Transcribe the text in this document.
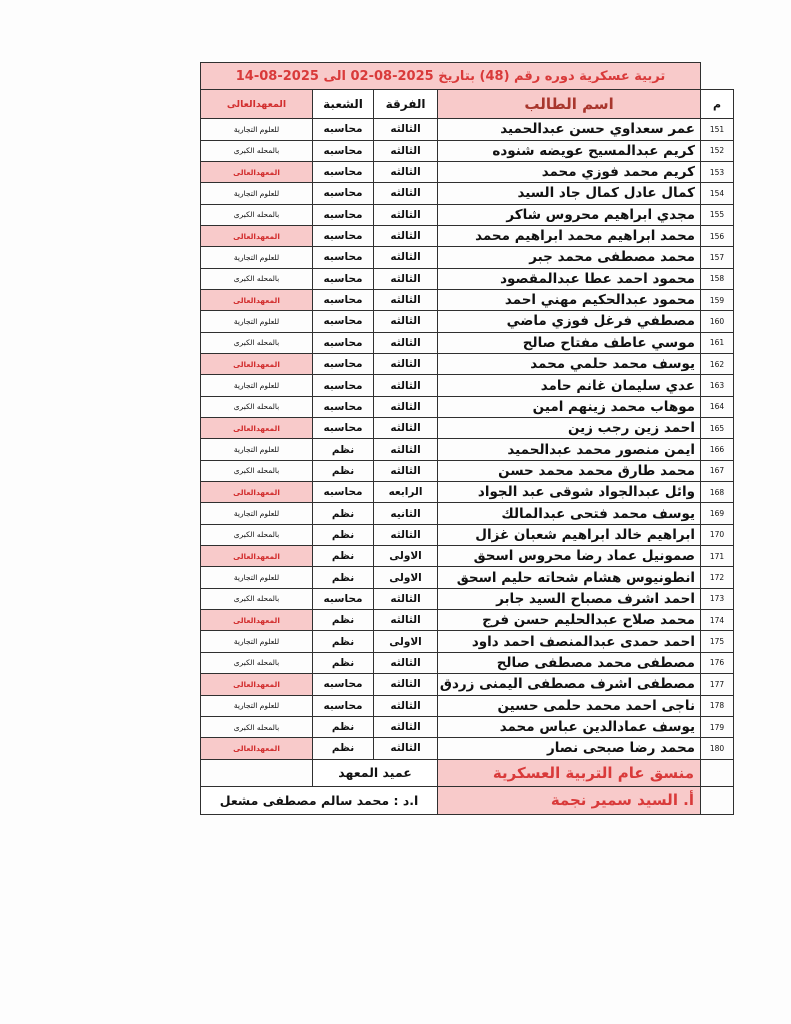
	تربية عسكرية دوره رقم (48) بتاريخ 2025-08-02 الى 2025-08-14			
م	اسم الطالب	الفرقة	الشعبة	المعهدالعالى
151	عمر سعداوي حسن عبدالحميد	الثالثه	محاسبه	للعلوم التجارية
152	كريم عبدالمسيح عويضه شنوده	الثالثه	محاسبه	بالمحله الكبرى
153	كريم محمد فوزي محمد	الثالثه	محاسبه	المعهدالعالى
154	كمال عادل كمال جاد السيد	الثالثه	محاسبه	للعلوم التجارية
155	مجدي ابراهيم محروس شاكر	الثالثه	محاسبه	بالمحله الكبرى
156	محمد ابراهيم محمد ابراهيم محمد	الثالثه	محاسبه	المعهدالعالى
157	محمد مصطفى محمد جبر	الثالثه	محاسبه	للعلوم التجارية
158	محمود احمد عطا عبدالمقصود	الثالثه	محاسبه	بالمحله الكبرى
159	محمود عبدالحكيم مهني احمد	الثالثه	محاسبه	المعهدالعالى
160	مصطفي فرغل فوزي ماضي	الثالثه	محاسبه	للعلوم التجارية
161	موسي عاطف مفتاح صالح	الثالثه	محاسبه	بالمحله الكبرى
162	يوسف محمد حلمي محمد	الثالثه	محاسبه	المعهدالعالى
163	عدي سليمان غانم حامد	الثالثه	محاسبه	للعلوم التجارية
164	موهاب محمد زينهم امين	الثالثه	محاسبه	بالمحله الكبرى
165	احمد زين رجب زين	الثالثه	محاسبه	المعهدالعالى
166	ايمن منصور محمد عبدالحميد	الثالثه	نظم	للعلوم التجارية
167	محمد طارق محمد محمد حسن	الثالثه	نظم	بالمحله الكبرى
168	وائل عبدالجواد شوقى عبد الجواد	الرابعه	محاسبه	المعهدالعالى
169	يوسف محمد فتحى عبدالمالك	الثانيه	نظم	للعلوم التجارية
170	ابراهيم خالد ابراهيم شعبان غزال	الثالثه	نظم	بالمحله الكبرى
171	صمونيل عماد رضا محروس اسحق	الاولى	نظم	المعهدالعالى
172	انطونيوس هشام شحاته حليم اسحق	الاولى	نظم	للعلوم التجارية
173	احمد اشرف مصباح السيد جابر	الثالثه	محاسبه	بالمحله الكبرى
174	محمد صلاح عبدالحليم حسن فرج	الثالثه	نظم	المعهدالعالى
175	احمد حمدى عبدالمنصف احمد داود	الاولى	نظم	للعلوم التجارية
176	مصطفى محمد مصطفى صالح	الثالثه	نظم	بالمحله الكبرى
177	مصطفى اشرف مصطفى اليمنى زردق	الثالثه	محاسبه	المعهدالعالى
178	ناجى احمد محمد حلمى حسين	الثالثه	محاسبه	للعلوم التجارية
179	يوسف عمادالدين عباس محمد	الثالثه	نظم	بالمحله الكبرى
180	محمد رضا صبحى نصار	الثالثه	نظم	المعهدالعالى
	منسق عام التربية العسكرية	عميد المعهد		
	أ. السيد سمير نجمة	ا.د : محمد سالم مصطفى مشعل		
